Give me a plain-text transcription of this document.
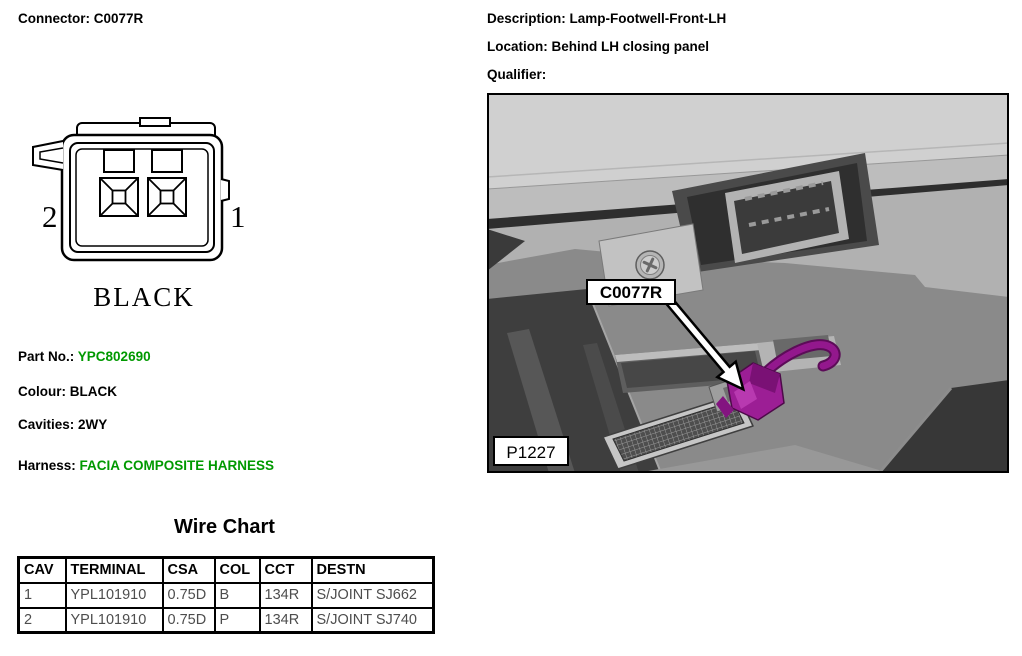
Connector: C0077R	Description: Lamp-Footwell-Front-LH
Location: Behind LH closing panel
Qualifier:
2	1
BLACK
Part No.: YPC802690
Colour: BLACK
Cavities: 2WY
Harness: FACIA COMPOSITE HARNESS
C0077R
P1227
Wire Chart
CAV	TERMINAL	CSA	COL	CCT	DESTN
1	YPL101910	0.75D	B	134R	S/JOINT SJ662
2	YPL101910	0.75D	P	134R	S/JOINT SJ740
